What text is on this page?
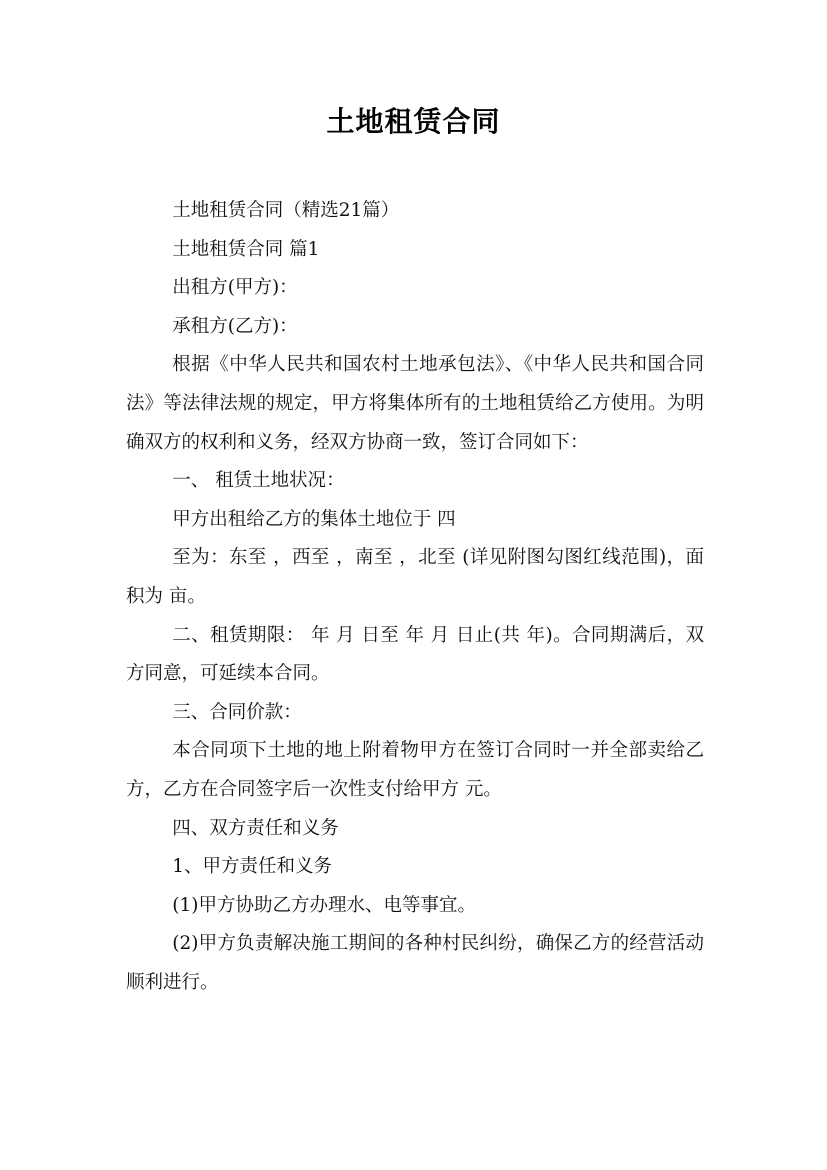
土地租赁合同

土地租赁合同（精选21篇）

土地租赁合同 篇1

出租方(甲方)：

承租方(乙方)：

根据《中华人民共和国农村土地承包法》、《中华人民共和国合同法》等法律法规的规定，甲方将集体所有的土地租赁给乙方使用。为明确双方的权利和义务，经双方协商一致，签订合同如下：

一、 租赁土地状况：

甲方出租给乙方的集体土地位于 四

至为：东至 ，西至 ，南至 ，北至 (详见附图勾图红线范围)，面积为 亩。

二、租赁期限： 年 月 日至 年 月 日止(共 年)。合同期满后，双方同意，可延续本合同。

三、合同价款：

本合同项下土地的地上附着物甲方在签订合同时一并全部卖给乙方，乙方在合同签字后一次性支付给甲方 元。

四、双方责任和义务

1、甲方责任和义务

(1)甲方协助乙方办理水、电等事宜。

(2)甲方负责解决施工期间的各种村民纠纷，确保乙方的经营活动顺利进行。
